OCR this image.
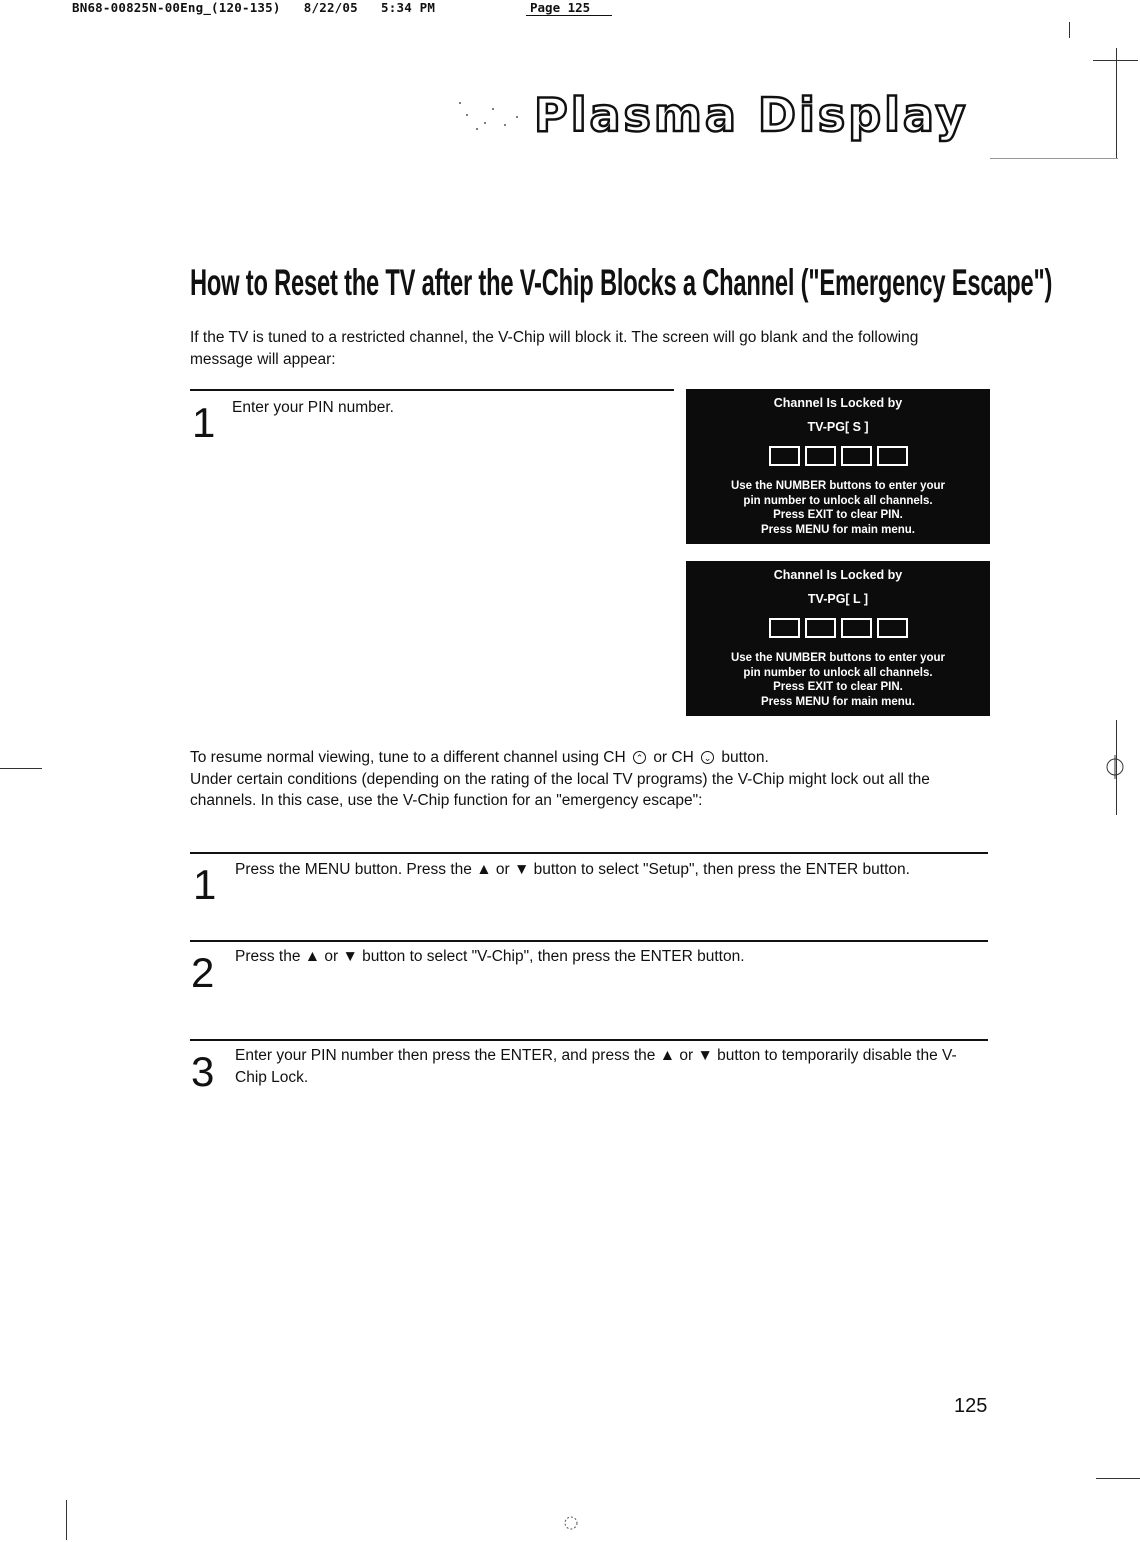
BN68-00825N-00Eng_(120-135)   8/22/05   5:34 PM	Page 125
Plasma Display
How to Reset the TV after the V-Chip Blocks a Channel ("Emergency Escape")
If the TV is tuned to a restricted channel, the V-Chip will block it. The screen will go blank and the following message will appear:
1 Enter your PIN number.	Channel Is Locked by
TV-PG[ S ]
Use the NUMBER buttons to enter your
pin number to unlock all channels.
Press EXIT to clear PIN.
Press MENU for main menu.
Channel Is Locked by
TV-PG[ L ]
Use the NUMBER buttons to enter your
pin number to unlock all channels.
Press EXIT to clear PIN.
Press MENU for main menu.
To resume normal viewing, tune to a different channel using CH ⌃ or CH ⌄ button.
Under certain conditions (depending on the rating of the local TV programs) the V-Chip might lock out all the channels. In this case, use the V-Chip function for an "emergency escape":
1 Press the MENU button. Press the ▲ or ▼ button to select "Setup", then press the ENTER button.
2 Press the ▲ or ▼ button to select "V-Chip", then press the ENTER button.
3 Enter your PIN number then press the ENTER, and press the ▲ or ▼ button to temporarily disable the V-Chip Lock.
125
